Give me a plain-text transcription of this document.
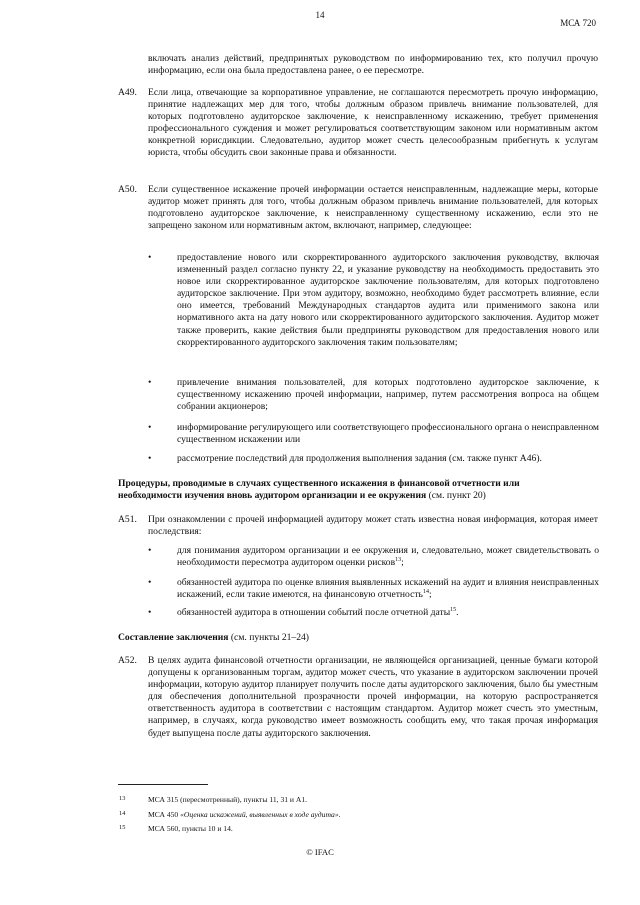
14
МСА 720
включать анализ действий, предпринятых руководством по информированию тех, кто получил прочую информацию, если она была предоставлена ранее, о ее пересмотре.
А49. Если лица, отвечающие за корпоративное управление, не соглашаются пересмотреть прочую информацию, принятие надлежащих мер для того, чтобы должным образом привлечь внимание пользователей, для которых подготовлено аудиторское заключение, к неисправленному искажению, требует применения профессионального суждения и может регулироваться соответствующим законом или нормативным актом конкретной юрисдикции. Следовательно, аудитор может счесть целесообразным прибегнуть к услугам юриста, чтобы обсудить свои законные права и обязанности.
А50. Если существенное искажение прочей информации остается неисправленным, надлежащие меры, которые аудитор может принять для того, чтобы должным образом привлечь внимание пользователей, для которых подготовлено аудиторское заключение, к неисправленному существенному искажению, если это не запрещено законом или нормативным актом, включают, например, следующее:
•	предоставление нового или скорректированного аудиторского заключения руководству, включая измененный раздел согласно пункту 22, и указание руководству на необходимость предоставить это новое или скорректированное аудиторское заключение пользователям, для которых подготовлено аудиторское заключение. При этом аудитору, возможно, необходимо будет рассмотреть влияние, если оно имеется, требований Международных стандартов аудита или применимого закона или нормативного акта на дату нового или скорректированного аудиторского заключения. Аудитор может также проверить, какие действия были предприняты руководством для предоставления нового или скорректированного аудиторского заключения таким пользователям;
•	привлечение внимания пользователей, для которых подготовлено аудиторское заключение, к существенному искажению прочей информации, например, путем рассмотрения вопроса на общем собрании акционеров;
•	информирование регулирующего или соответствующего профессионального органа о неисправленном существенном искажении или
•	рассмотрение последствий для продолжения выполнения задания (см. также пункт А46).
Процедуры, проводимые в случаях существенного искажения в финансовой отчетности или
необходимости изучения вновь аудитором организации и ее окружения (см. пункт 20)
А51. При ознакомлении с прочей информацией аудитору может стать известна новая информация, которая имеет последствия:
•	для понимания аудитором организации и ее окружения и, следовательно, может свидетельствовать о необходимости пересмотра аудитором оценки рисков$^{13}$;
•	обязанностей аудитора по оценке влияния выявленных искажений на аудит и влияния неисправленных искажений, если такие имеются, на финансовую отчетность$^{14}$;
•	обязанностей аудитора в отношении событий после отчетной даты$^{15}$.
Составление заключения (см. пункты 21–24)
А52. В целях аудита финансовой отчетности организации, не являющейся организацией, ценные бумаги которой допущены к организованным торгам, аудитор может счесть, что указание в аудиторском заключении прочей информации, которую аудитор планирует получить после даты аудиторского заключения, было бы уместным для обеспечения дополнительной прозрачности прочей информации, на которую распространяется ответственность аудитора в соответствии с настоящим стандартом. Аудитор может счесть это уместным, например, в случаях, когда руководство имеет возможность сообщить ему, что такая прочая информация будет выпущена после даты аудиторского заключения.
13	МСА 315 (пересмотренный), пункты 11, 31 и А1.
14	МСА 450 «Оценка искажений, выявленных в ходе аудита».
15	МСА 560, пункты 10 и 14.
© IFAC
